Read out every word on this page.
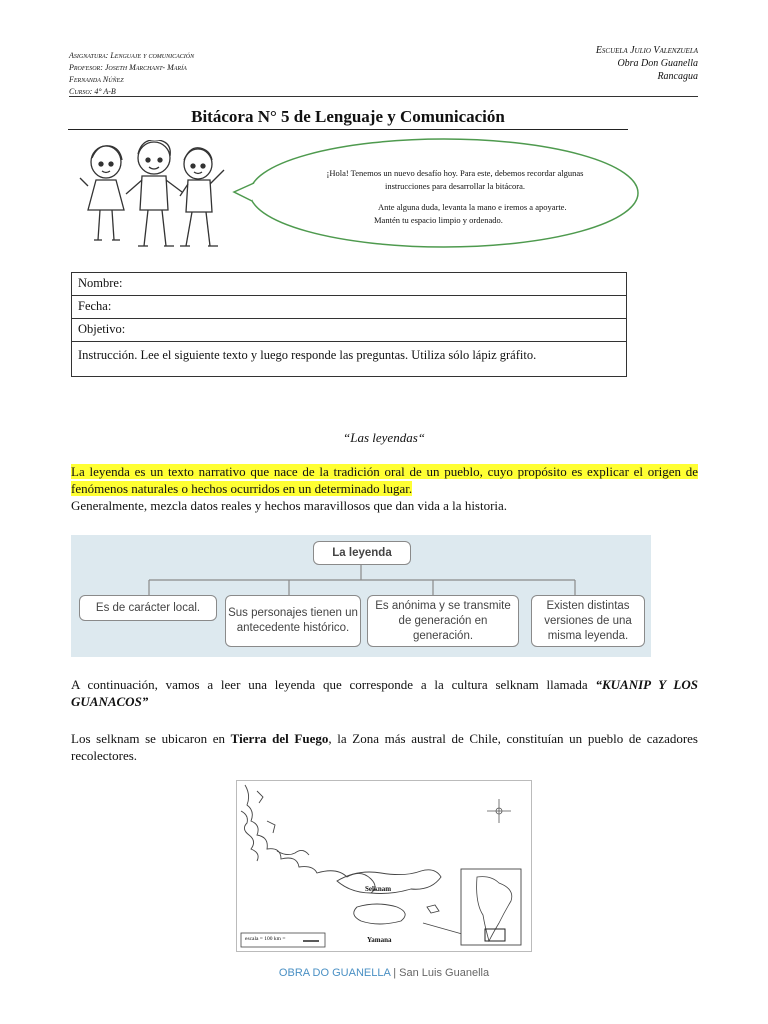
Asignatura: Lenguaje y comunicación
Profesor: Joseth Marchant- María
Fernanda Núñez
Curso: 4° A-B
Escuela Julio Valenzuela
Obra Don Guanella
Rancagua
Bitácora N° 5 de Lenguaje y Comunicación
¡Hola! Tenemos un nuevo desafío hoy. Para este, debemos recordar algunas
instrucciones para desarrollar la bitácora.
Ante alguna duda, levanta la mano e iremos a apoyarte.
Mantén tu espacio limpio y ordenado.
Nombre:
Fecha:
Objetivo:
Instrucción. Lee el siguiente texto y luego responde las preguntas. Utiliza sólo lápiz gráfito.
“Las leyendas“
La leyenda es un texto narrativo que nace de la tradición oral de un pueblo, cuyo propósito es explicar el origen de fenómenos naturales o hechos ocurridos en un determinado lugar.
Generalmente, mezcla datos reales y hechos maravillosos que dan vida a la historia.
La leyenda
Es de carácter local.	Sus personajes tienen un antecedente histórico.
Es anónima y se transmite de generación en generación.
Existen distintas versiones de una misma leyenda.
A continuación, vamos a leer una leyenda que corresponde a la cultura selknam llamada “KUANIP Y LOS GUANACOS”
Los selknam se ubicaron en Tierra del Fuego, la Zona más austral de Chile, constituían un pueblo de cazadores recolectores.
Selknam
Yamana
escala = 100 km =
OBRA DO GUANELLA | San Luis Guanella
